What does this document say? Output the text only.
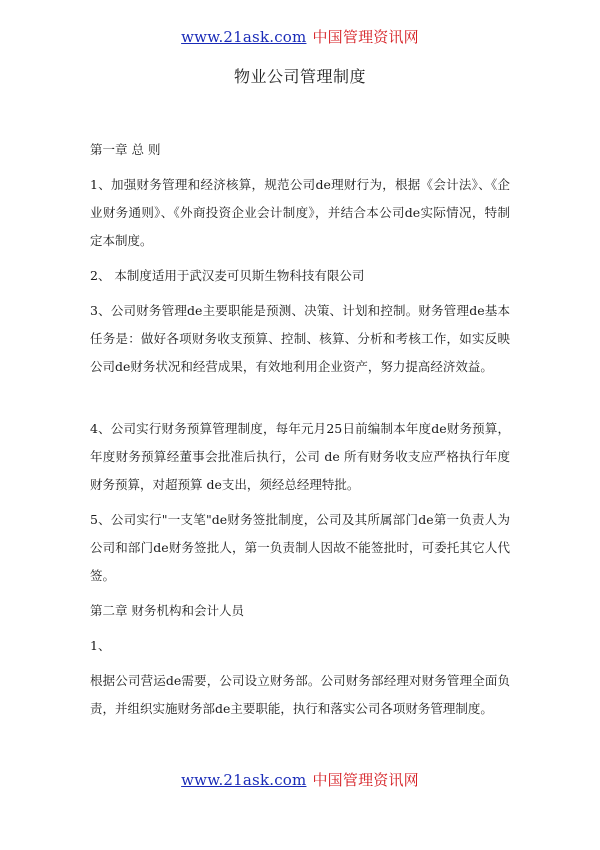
www.21ask.com 中国管理资讯网
物业公司管理制度

第一章 总 则

1、加强财务管理和经济核算，规范公司de理财行为，根据《会计法》、《企业财务通则》、《外商投资企业会计制度》，并结合本公司de实际情况，特制定本制度。

2、 本制度适用于武汉麦可贝斯生物科技有限公司

3、公司财务管理de主要职能是预测、决策、计划和控制。财务管理de基本任务是：做好各项财务收支预算、控制、核算、分析和考核工作，如实反映公司de财务状况和经营成果，有效地利用企业资产，努力提高经济效益。

4、公司实行财务预算管理制度，每年元月25日前编制本年度de财务预算，年度财务预算经董事会批准后执行，公司 de 所有财务收支应严格执行年度财务预算，对超预算 de支出，须经总经理特批。

5、公司实行"一支笔"de财务签批制度，公司及其所属部门de第一负责人为公司和部门de财务签批人，第一负责制人因故不能签批时，可委托其它人代签。

第二章 财务机构和会计人员

1、

根据公司营运de需要，公司设立财务部。公司财务部经理对财务管理全面负责，并组织实施财务部de主要职能，执行和落实公司各项财务管理制度。

www.21ask.com 中国管理资讯网
